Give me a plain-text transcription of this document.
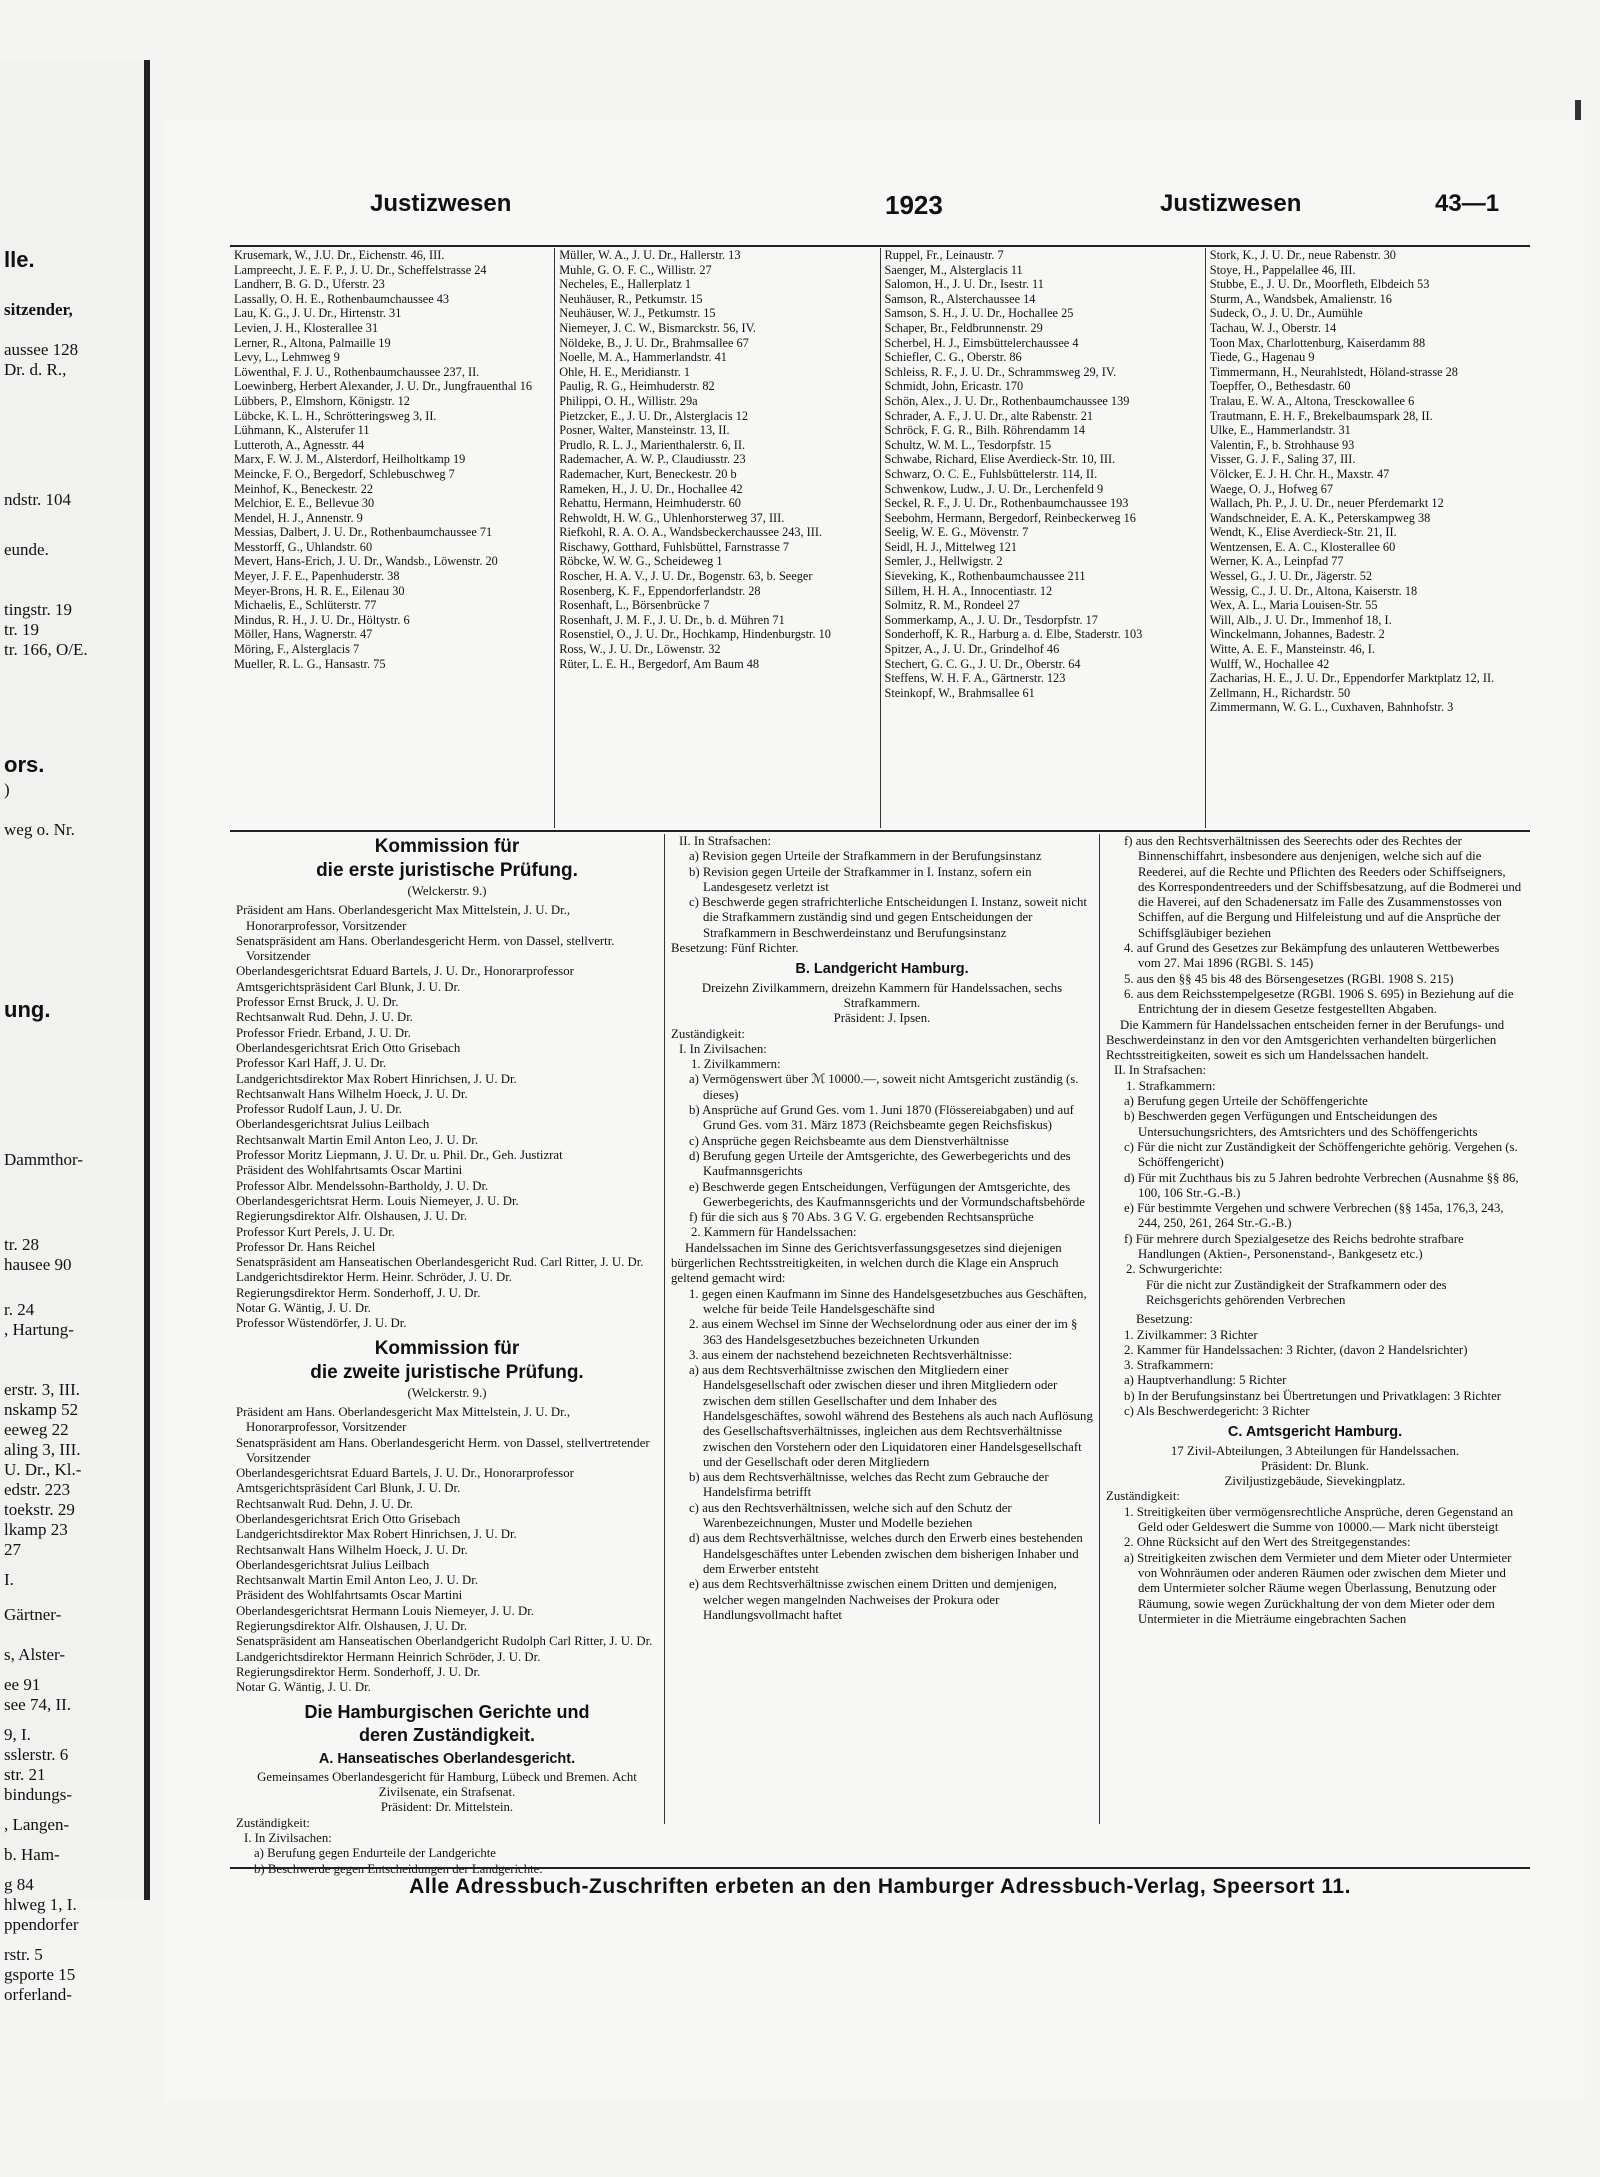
lle.
sitzender,
aussee 128
Dr. d. R.,
ndstr. 104
eunde.
tingstr. 19
tr. 19
tr. 166, O/E.
ors.
)
weg o. Nr.
ung.
Dammthor-
tr. 28
hausee 90
r. 24
, Hartung-
erstr. 3, III.
nskamp 52
eeweg 22
aling 3, III.
U. Dr., Kl.-
edstr. 223
toekstr. 29
lkamp 23
27
I.
Gärtner-
s, Alster-
ee 91
see 74, II.
9, I.
sslerstr. 6
str. 21
bindungs-
, Langen-
b. Ham-
g 84
hlweg 1, I.
ppendorfer
rstr. 5
gsporte 15
orferland-
Justizwesen	1923	Justizwesen	43—1
Krusemark, W., J.U. Dr., Eichenstr. 46, III.
Lampreecht, J. E. F. P., J. U. Dr., Scheffelstrasse 24
Landherr, B. G. D., Uferstr. 23
Lassally, O. H. E., Rothenbaumchaussee 43
Lau, K. G., J. U. Dr., Hirtenstr. 31
Levien, J. H., Klosterallee 31
Lerner, R., Altona, Palmaille 19
Levy, L., Lehmweg 9
Löwenthal, F. J. U., Rothenbaumchaussee 237, II.
Loewinberg, Herbert Alexander, J. U. Dr., Jungfrauenthal 16
Lübbers, P., Elmshorn, Königstr. 12
Lübcke, K. L. H., Schrötteringsweg 3, II.
Lühmann, K., Alsterufer 11
Lutteroth, A., Agnesstr. 44
Marx, F. W. J. M., Alsterdorf, Heilholtkamp 19
Meincke, F. O., Bergedorf, Schlebuschweg 7
Meinhof, K., Beneckestr. 22
Melchior, E. E., Bellevue 30
Mendel, H. J., Annenstr. 9
Messias, Dalbert, J. U. Dr., Rothenbaumchaussee 71
Messtorff, G., Uhlandstr. 60
Mevert, Hans-Erich, J. U. Dr., Wandsb., Löwenstr. 20
Meyer, J. F. E., Papenhuderstr. 38
Meyer-Brons, H. R. E., Eilenau 30
Michaelis, E., Schlüterstr. 77
Mindus, R. H., J. U. Dr., Höltystr. 6
Möller, Hans, Wagnerstr. 47
Möring, F., Alsterglacis 7
Mueller, R. L. G., Hansastr. 75
Müller, W. A., J. U. Dr., Hallerstr. 13
Muhle, G. O. F. C., Willistr. 27
Necheles, E., Hallerplatz 1
Neuhäuser, R., Petkumstr. 15
Neuhäuser, W. J., Petkumstr. 15
Niemeyer, J. C. W., Bismarckstr. 56, IV.
Nöldeke, B., J. U. Dr., Brahmsallee 67
Noelle, M. A., Hammerlandstr. 41
Ohle, H. E., Meridianstr. 1
Paulig, R. G., Heimhuderstr. 82
Philippi, O. H., Willistr. 29a
Pietzcker, E., J. U. Dr., Alsterglacis 12
Posner, Walter, Mansteinstr. 13, II.
Prudlo, R. L. J., Marienthalerstr. 6, II.
Rademacher, A. W. P., Claudiusstr. 23
Rademacher, Kurt, Beneckestr. 20 b
Rameken, H., J. U. Dr., Hochallee 42
Rehattu, Hermann, Heimhuderstr. 60
Rehwoldt, H. W. G., Uhlenhorsterweg 37, III.
Riefkohl, R. A. O. A., Wandsbeckerchaussee 243, III.
Rischawy, Gotthard, Fuhlsbüttel, Farnstrasse 7
Röbcke, W. W. G., Scheideweg 1
Roscher, H. A. V., J. U. Dr., Bogenstr. 63, b. Seeger
Rosenberg, K. F., Eppendorferlandstr. 28
Rosenhaft, L., Börsenbrücke 7
Rosenhaft, J. M. F., J. U. Dr., b. d. Mühren 71
Rosenstiel, O., J. U. Dr., Hochkamp, Hindenburgstr. 10
Ross, W., J. U. Dr., Löwenstr. 32
Rüter, L. E. H., Bergedorf, Am Baum 48
Ruppel, Fr., Leinaustr. 7
Saenger, M., Alsterglacis 11
Salomon, H., J. U. Dr., Isestr. 11
Samson, R., Alsterchaussee 14
Samson, S. H., J. U. Dr., Hochallee 25
Schaper, Br., Feldbrunnenstr. 29
Scherbel, H. J., Eimsbüttelerchaussee 4
Schiefler, C. G., Oberstr. 86
Schleiss, R. F., J. U. Dr., Schrammsweg 29, IV.
Schmidt, John, Ericastr. 170
Schön, Alex., J. U. Dr., Rothenbaumchaussee 139
Schrader, A. F., J. U. Dr., alte Rabenstr. 21
Schröck, F. G. R., Bilh. Röhrendamm 14
Schultz, W. M. L., Tesdorpfstr. 15
Schwabe, Richard, Elise Averdieck-Str. 10, III.
Schwarz, O. C. E., Fuhlsbüttelerstr. 114, II.
Schwenkow, Ludw., J. U. Dr., Lerchenfeld 9
Seckel, R. F., J. U. Dr., Rothenbaumchaussee 193
Seebohm, Hermann, Bergedorf, Reinbeckerweg 16
Seelig, W. E. G., Mövenstr. 7
Seidl, H. J., Mittelweg 121
Semler, J., Hellwigstr. 2
Sieveking, K., Rothenbaumchaussee 211
Sillem, H. H. A., Innocentiastr. 12
Solmitz, R. M., Rondeel 27
Sommerkamp, A., J. U. Dr., Tesdorpfstr. 17
Sonderhoff, K. R., Harburg a. d. Elbe, Staderstr. 103
Spitzer, A., J. U. Dr., Grindelhof 46
Stechert, G. C. G., J. U. Dr., Oberstr. 64
Steffens, W. H. F. A., Gärtnerstr. 123
Steinkopf, W., Brahmsallee 61
Stork, K., J. U. Dr., neue Rabenstr. 30
Stoye, H., Pappelallee 46, III.
Stubbe, E., J. U. Dr., Moorfleth, Elbdeich 53
Sturm, A., Wandsbek, Amalienstr. 16
Sudeck, O., J. U. Dr., Aumühle
Tachau, W. J., Oberstr. 14
Toon Max, Charlottenburg, Kaiserdamm 88
Tiede, G., Hagenau 9
Timmermann, H., Neurahlstedt, Höland-strasse 28
Toepffer, O., Bethesdastr. 60
Tralau, E. W. A., Altona, Tresckowallee 6
Trautmann, E. H. F., Brekelbaumspark 28, II.
Ulke, E., Hammerlandstr. 31
Valentin, F., b. Strohhause 93
Visser, G. J. F., Saling 37, III.
Völcker, E. J. H. Chr. H., Maxstr. 47
Waege, O. J., Hofweg 67
Wallach, Ph. P., J. U. Dr., neuer Pferdemarkt 12
Wandschneider, E. A. K., Peterskampweg 38
Wendt, K., Elise Averdieck-Str. 21, II.
Wentzensen, E. A. C., Klosterallee 60
Werner, K. A., Leinpfad 77
Wessel, G., J. U. Dr., Jägerstr. 52
Wessig, C., J. U. Dr., Altona, Kaiserstr. 18
Wex, A. L., Maria Louisen-Str. 55
Will, Alb., J. U. Dr., Immenhof 18, I.
Winckelmann, Johannes, Badestr. 2
Witte, A. E. F., Mansteinstr. 46, I.
Wulff, W., Hochallee 42
Zacharias, H. E., J. U. Dr., Eppendorfer Marktplatz 12, II.
Zellmann, H., Richardstr. 50
Zimmermann, W. G. L., Cuxhaven, Bahnhofstr. 3
Kommission für
die erste juristische Prüfung.
(Welckerstr. 9.)
Präsident am Hans. Oberlandesgericht Max Mittelstein, J. U. Dr., Honorarprofessor, Vorsitzender
Senatspräsident am Hans. Oberlandesgericht Herm. von Dassel, stellvertr. Vorsitzender
Oberlandesgerichtsrat Eduard Bartels, J. U. Dr., Honorarprofessor
Amtsgerichtspräsident Carl Blunk, J. U. Dr.
Professor Ernst Bruck, J. U. Dr.
Rechtsanwalt Rud. Dehn, J. U. Dr.
Professor Friedr. Erband, J. U. Dr.
Oberlandesgerichtsrat Erich Otto Grisebach
Professor Karl Haff, J. U. Dr.
Landgerichtsdirektor Max Robert Hinrichsen, J. U. Dr.
Rechtsanwalt Hans Wilhelm Hoeck, J. U. Dr.
Professor Rudolf Laun, J. U. Dr.
Oberlandesgerichtsrat Julius Leilbach
Rechtsanwalt Martin Emil Anton Leo, J. U. Dr.
Professor Moritz Liepmann, J. U. Dr. u. Phil. Dr., Geh. Justizrat
Präsident des Wohlfahrtsamts Oscar Martini
Professor Albr. Mendelssohn-Bartholdy, J. U. Dr.
Oberlandesgerichtsrat Herm. Louis Niemeyer, J. U. Dr.
Regierungsdirektor Alfr. Olshausen, J. U. Dr.
Professor Kurt Perels, J. U. Dr.
Professor Dr. Hans Reichel
Senatspräsident am Hanseatischen Oberlandesgericht Rud. Carl Ritter, J. U. Dr.
Landgerichtsdirektor Herm. Heinr. Schröder, J. U. Dr.
Regierungsdirektor Herm. Sonderhoff, J. U. Dr.
Notar G. Wäntig, J. U. Dr.
Professor Wüstendörfer, J. U. Dr.
Kommission für
die zweite juristische Prüfung.
(Welckerstr. 9.)
Präsident am Hans. Oberlandesgericht Max Mittelstein, J. U. Dr., Honorarprofessor, Vorsitzender
Senatspräsident am Hans. Oberlandesgericht Herm. von Dassel, stellvertretender Vorsitzender
Oberlandesgerichtsrat Eduard Bartels, J. U. Dr., Honorarprofessor
Amtsgerichtspräsident Carl Blunk, J. U. Dr.
Rechtsanwalt Rud. Dehn, J. U. Dr.
Oberlandesgerichtsrat Erich Otto Grisebach
Landgerichtsdirektor Max Robert Hinrichsen, J. U. Dr.
Rechtsanwalt Hans Wilhelm Hoeck, J. U. Dr.
Oberlandesgerichtsrat Julius Leilbach
Rechtsanwalt Martin Emil Anton Leo, J. U. Dr.
Präsident des Wohlfahrtsamts Oscar Martini
Oberlandesgerichtsrat Hermann Louis Niemeyer, J. U. Dr.
Regierungsdirektor Alfr. Olshausen, J. U. Dr.
Senatspräsident am Hanseatischen Oberlandgericht Rudolph Carl Ritter, J. U. Dr.
Landgerichtsdirektor Hermann Heinrich Schröder, J. U. Dr.
Regierungsdirektor Herm. Sonderhoff, J. U. Dr.
Notar G. Wäntig, J. U. Dr.
Die Hamburgischen Gerichte und
deren Zuständigkeit.
A. Hanseatisches Oberlandesgericht.
Gemeinsames Oberlandesgericht für Hamburg, Lübeck und Bremen. Acht Zivilsenate, ein Strafsenat.
Präsident: Dr. Mittelstein.
Zuständigkeit:
I. In Zivilsachen:
a) Berufung gegen Endurteile der Landgerichte
II. In Strafsachen:
a) Revision gegen Urteile der Strafkammern in der Berufungsinstanz
b) Revision gegen Urteile der Strafkammer in I. Instanz, sofern ein Landesgesetz verletzt ist
c) Beschwerde gegen strafrichterliche Entscheidungen I. Instanz, soweit nicht die Strafkammern zuständig sind und gegen Entscheidungen der Strafkammern in Beschwerdeinstanz und Berufungsinstanz
Besetzung: Fünf Richter.
B. Landgericht Hamburg.
Dreizehn Zivilkammern, dreizehn Kammern für Handelssachen, sechs Strafkammern.
Präsident: J. Ipsen.
Zuständigkeit:
I. In Zivilsachen:
1. Zivilkammern:
a) Vermögenswert über ℳ 10000.—, soweit nicht Amtsgericht zuständig (s. dieses)
b) Ansprüche auf Grund Ges. vom 1. Juni 1870 (Flössereiabgaben) und auf Grund Ges. vom 31. März 1873 (Reichsbeamte gegen Reichsfiskus)
c) Ansprüche gegen Reichsbeamte aus dem Dienstverhältnisse
d) Berufung gegen Urteile der Amtsgerichte, des Gewerbegerichts und des Kaufmannsgerichts
e) Beschwerde gegen Entscheidungen, Verfügungen der Amtsgerichte, des Gewerbegerichts, des Kaufmannsgerichts und der Vormundschaftsbehörde
f) für die sich aus § 70 Abs. 3 G V. G. ergebenden Rechtsansprüche
2. Kammern für Handelssachen:
Handelssachen im Sinne des Gerichtsverfassungsgesetzes sind diejenigen bürgerlichen Rechtsstreitigkeiten, in welchen durch die Klage ein Anspruch geltend gemacht wird:
1. gegen einen Kaufmann im Sinne des Handelsgesetzbuches aus Geschäften, welche für beide Teile Handelsgeschäfte sind
2. aus einem Wechsel im Sinne der Wechselordnung oder aus einer der im § 363 des Handelsgesetzbuches bezeichneten Urkunden
3. aus einem der nachstehend bezeichneten Rechtsverhältnisse:
a) aus dem Rechtsverhältnisse zwischen den Mitgliedern einer Handelsgesellschaft oder zwischen dieser und ihren Mitgliedern oder zwischen dem stillen Gesellschafter und dem Inhaber des Handelsgeschäftes, sowohl während des Bestehens als auch nach Auflösung des Gesellschaftsverhältnisses, ingleichen aus dem Rechtsverhältnisse zwischen den Vorstehern oder den Liquidatoren einer Handelsgesellschaft und der Gesellschaft oder deren Mitgliedern
b) aus dem Rechtsverhältnisse, welches das Recht zum Gebrauche der Handelsfirma betrifft
c) aus den Rechtsverhältnissen, welche sich auf den Schutz der Warenbezeichnungen, Muster und Modelle beziehen
d) aus dem Rechtsverhältnisse, welches durch den Erwerb eines bestehenden Handelsgeschäftes unter Lebenden zwischen dem bisherigen Inhaber und dem Erwerber entsteht
e) aus dem Rechtsverhältnisse zwischen einem Dritten und demjenigen, welcher wegen mangelnden Nachweises der Prokura oder Handlungsvollmacht haftet
f) aus den Rechtsverhältnissen des Seerechts oder des Rechtes der Binnenschiffahrt, insbesondere aus denjenigen, welche sich auf die Reederei, auf die Rechte und Pflichten des Reeders oder Schiffseigners, des Korrespondentreeders und der Schiffsbesatzung, auf die Bodmerei und die Haverei, auf den Schadenersatz im Falle des Zusammenstosses von Schiffen, auf die Bergung und Hilfeleistung und auf die Ansprüche der Schiffsgläubiger beziehen
4. auf Grund des Gesetzes zur Bekämpfung des unlauteren Wettbewerbes vom 27. Mai 1896 (RGBl. S. 145)
5. aus den §§ 45 bis 48 des Börsengesetzes (RGBl. 1908 S. 215)
6. aus dem Reichsstempelgesetze (RGBl. 1906 S. 695) in Beziehung auf die Entrichtung der in diesem Gesetze festgestellten Abgaben.
Die Kammern für Handelssachen entscheiden ferner in der Berufungs- und Beschwerdeinstanz in den vor den Amtsgerichten verhandelten bürgerlichen Rechtsstreitigkeiten, soweit es sich um Handelssachen handelt.
II. In Strafsachen:
1. Strafkammern:
a) Berufung gegen Urteile der Schöffengerichte
b) Beschwerden gegen Verfügungen und Entscheidungen des Untersuchungsrichters, des Amtsrichters und des Schöffengerichts
c) Für die nicht zur Zuständigkeit der Schöffengerichte gehörig. Vergehen (s. Schöffengericht)
d) Für mit Zuchthaus bis zu 5 Jahren bedrohte Verbrechen (Ausnahme §§ 86, 100, 106 Str.-G.-B.)
e) Für bestimmte Vergehen und schwere Verbrechen (§§ 145a, 176,3, 243, 244, 250, 261, 264 Str.-G.-B.)
f) Für mehrere durch Spezialgesetze des Reichs bedrohte strafbare Handlungen (Aktien-, Personenstand-, Bankgesetz etc.)
2. Schwurgerichte:
Für die nicht zur Zuständigkeit der Strafkammern oder des Reichsgerichts gehörenden Verbrechen
Besetzung:
1. Zivilkammer: 3 Richter
2. Kammer für Handelssachen: 3 Richter, (davon 2 Handelsrichter)
3. Strafkammern:
a) Hauptverhandlung: 5 Richter
b) In der Berufungsinstanz bei Übertretungen und Privatklagen: 3 Richter
c) Als Beschwerdegericht: 3 Richter
C. Amtsgericht Hamburg.
17 Zivil-Abteilungen, 3 Abteilungen für Handelssachen.
Präsident: Dr. Blunk.
Ziviljustizgebäude, Sievekingplatz.
Zuständigkeit:
1. Streitigkeiten über vermögensrechtliche Ansprüche, deren Gegenstand an Geld oder Geldeswert die Summe von 10000.— Mark nicht übersteigt
2. Ohne Rücksicht auf den Wert des Streitgegenstandes:
a) Streitigkeiten zwischen dem Vermieter und dem Mieter oder Untermieter von Wohnräumen oder anderen Räumen oder zwischen dem Mieter und dem Untermieter solcher Räume wegen Überlassung, Benutzung oder Räumung, sowie wegen Zurückhaltung der von dem Mieter oder dem Untermieter in die Mieträume eingebrachten Sachen
Alle Adressbuch-Zuschriften erbeten an den Hamburger Adressbuch-Verlag, Speersort 11.
